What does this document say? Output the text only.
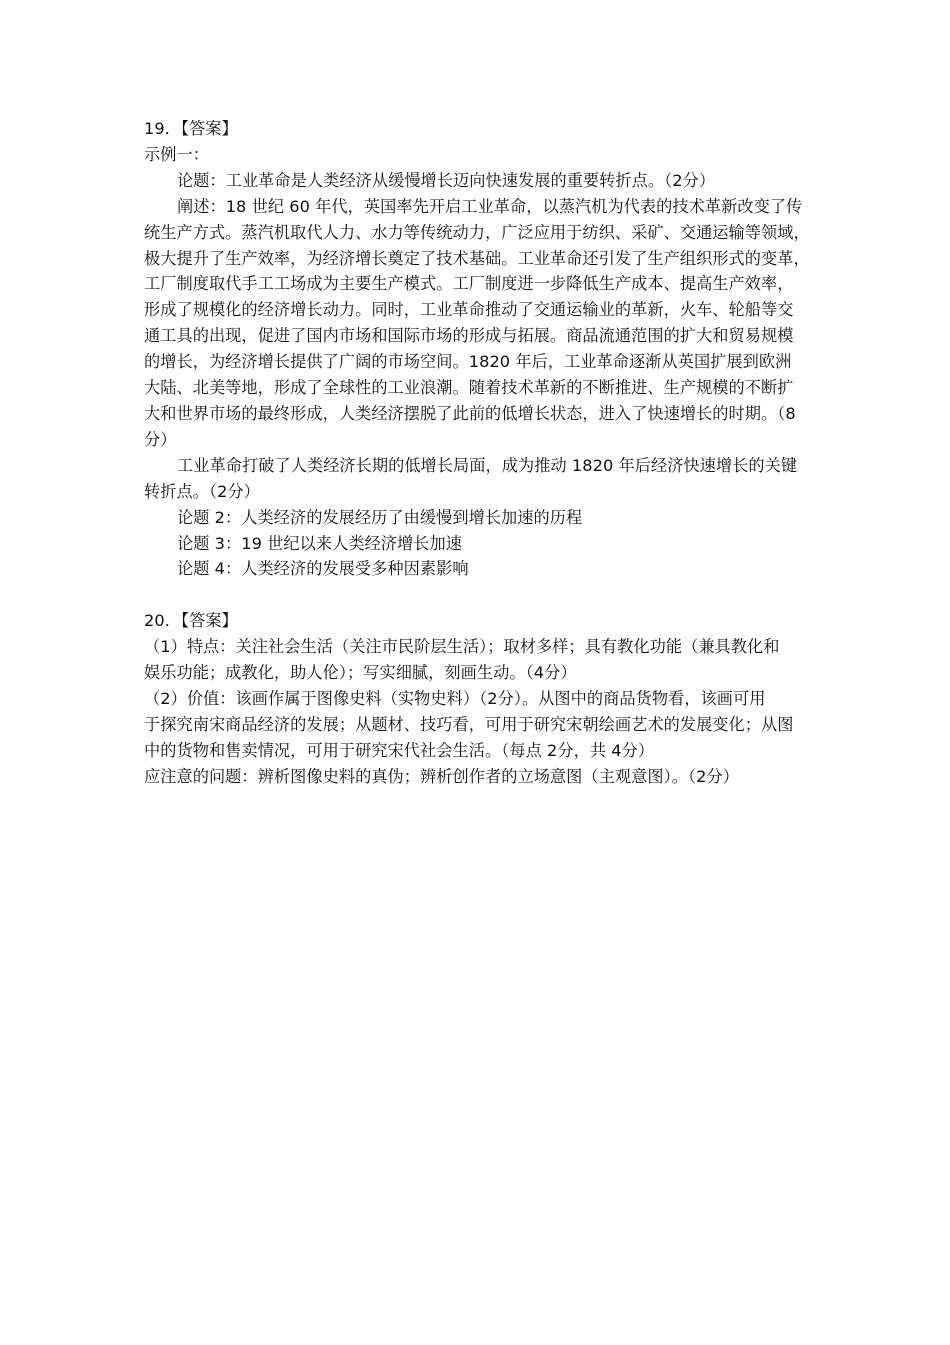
19．【答案】
示例一：
论题：工业革命是人类经济从缓慢增长迈向快速发展的重要转折点。（2分）
阐述：18 世纪 60 年代，英国率先开启工业革命，以蒸汽机为代表的技术革新改变了传
统生产方式。蒸汽机取代人力、水力等传统动力，广泛应用于纺织、采矿、交通运输等领域，
极大提升了生产效率，为经济增长奠定了技术基础。工业革命还引发了生产组织形式的变革，
工厂制度取代手工工场成为主要生产模式。工厂制度进一步降低生产成本、提高生产效率，
形成了规模化的经济增长动力。同时，工业革命推动了交通运输业的革新，火车、轮船等交
通工具的出现，促进了国内市场和国际市场的形成与拓展。商品流通范围的扩大和贸易规模
的增长，为经济增长提供了广阔的市场空间。1820 年后，工业革命逐渐从英国扩展到欧洲
大陆、北美等地，形成了全球性的工业浪潮。随着技术革新的不断推进、生产规模的不断扩
大和世界市场的最终形成，人类经济摆脱了此前的低增长状态，进入了快速增长的时期。（8
分）
工业革命打破了人类经济长期的低增长局面，成为推动 1820 年后经济快速增长的关键
转折点。（2分）
论题 2：人类经济的发展经历了由缓慢到增长加速的历程
论题 3：19 世纪以来人类经济增长加速
论题 4：人类经济的发展受多种因素影响
20．【答案】
（1）特点：关注社会生活（关注市民阶层生活）；取材多样；具有教化功能（兼具教化和
娱乐功能；成教化，助人伦）；写实细腻，刻画生动。（4分）
（2）价值：该画作属于图像史料（实物史料）（2分）。从图中的商品货物看，该画可用
于探究南宋商品经济的发展；从题材、技巧看，可用于研究宋朝绘画艺术的发展变化；从图
中的货物和售卖情况，可用于研究宋代社会生活。（每点 2分，共 4分）
应注意的问题：辨析图像史料的真伪；辨析创作者的立场意图（主观意图）。（2分）
